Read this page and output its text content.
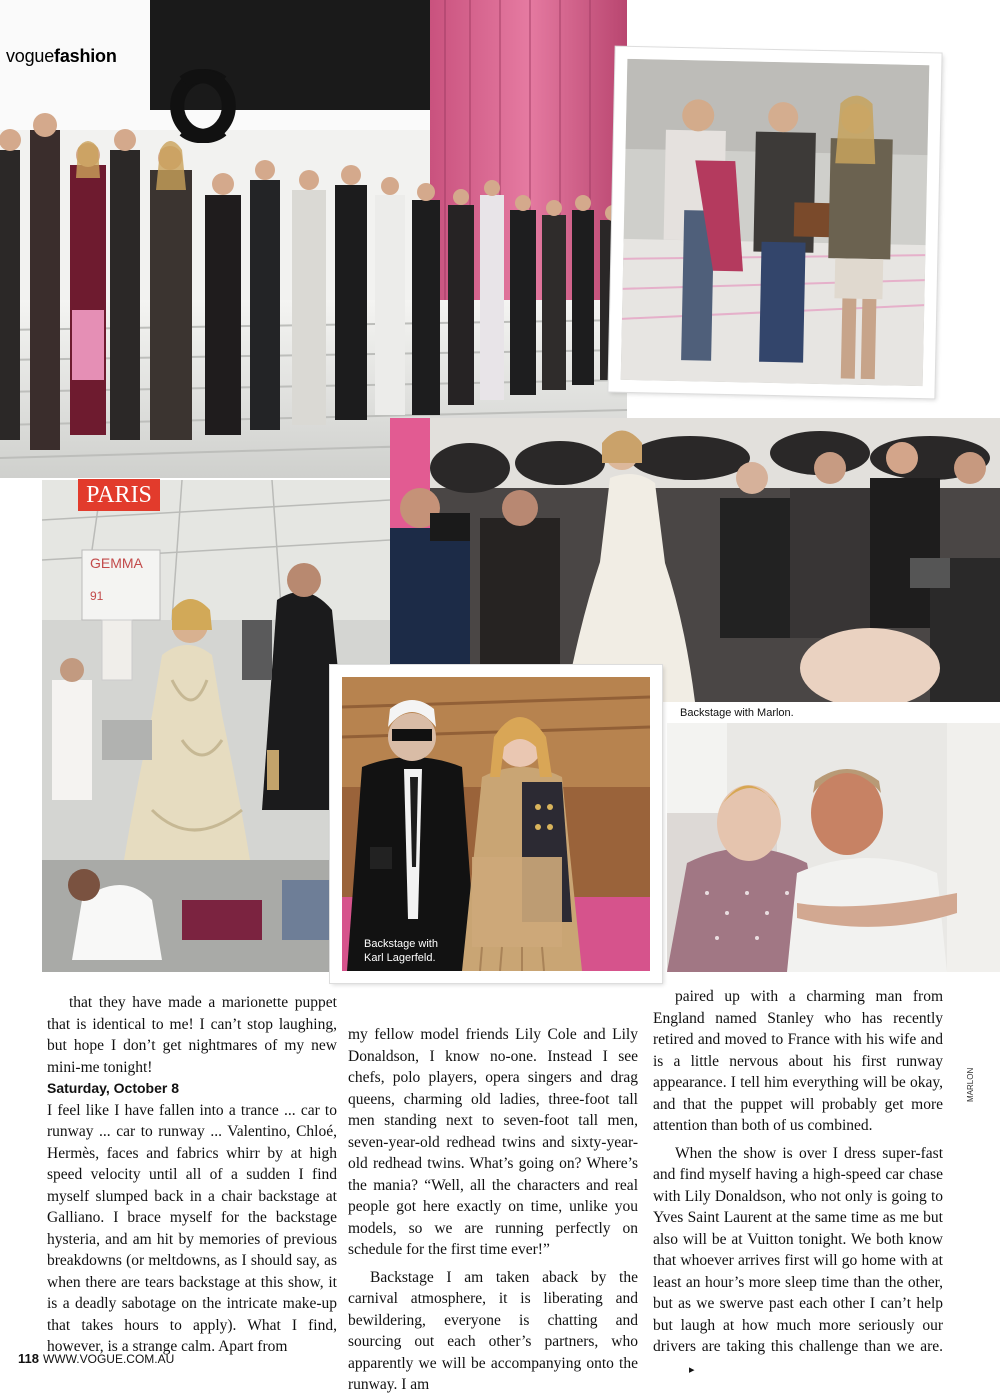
voguefashion
GEMMA
91
PARIS
Backstage with
Karl Lagerfeld.
Backstage with Marlon.

that they have made a marionette puppet that is identical to me! I can’t stop laughing, but hope I don’t get nightmares of my new mini-me tonight!

Saturday, October 8

I feel like I have fallen into a trance ... car to runway ... car to runway ... Valentino, Chloé, Hermès, faces and fabrics whirr by at high speed velocity until all of a sudden I find myself slumped back in a chair backstage at Galliano. I brace myself for the backstage hysteria, and am hit by memories of previous breakdowns (or meltdowns, as I should say, as when there are tears backstage at this show, it is a deadly sabotage on the intricate make-up that takes hours to apply). What I find, however, is a strange calm. Apart from

my fellow model friends Lily Cole and Lily Donaldson, I know no-one. Instead I see chefs, polo players, opera singers and drag queens, charming old ladies, three-foot tall men standing next to seven-foot tall men, seven-year-old redhead twins and sixty-year-old redhead twins. What’s going on? Where’s the mania? “Well, all the characters and real people got here exactly on time, unlike you models, so we are running perfectly on schedule for the first time ever!”

Backstage I am taken aback by the carnival atmosphere, it is liberating and bewildering, everyone is chatting and sourcing out each other’s partners, who apparently we will be accompanying onto the runway. I am

paired up with a charming man from England named Stanley who has recently retired and moved to France with his wife and is a little nervous about his first runway appearance. I tell him everything will be okay, and that the puppet will probably get more attention than both of us combined.

When the show is over I dress super-fast and find myself having a high-speed car chase with Lily Donaldson, who not only is going to Yves Saint Laurent at the same time as me but also will be at Vuitton tonight. We both know that whoever arrives first will go home with at least an hour’s more sleep time than the other, but as we swerve past each other I can’t help but laugh at how much more seriously our drivers are taking this challenge than we are.▸

MARLON
118 WWW.VOGUE.COM.AU
